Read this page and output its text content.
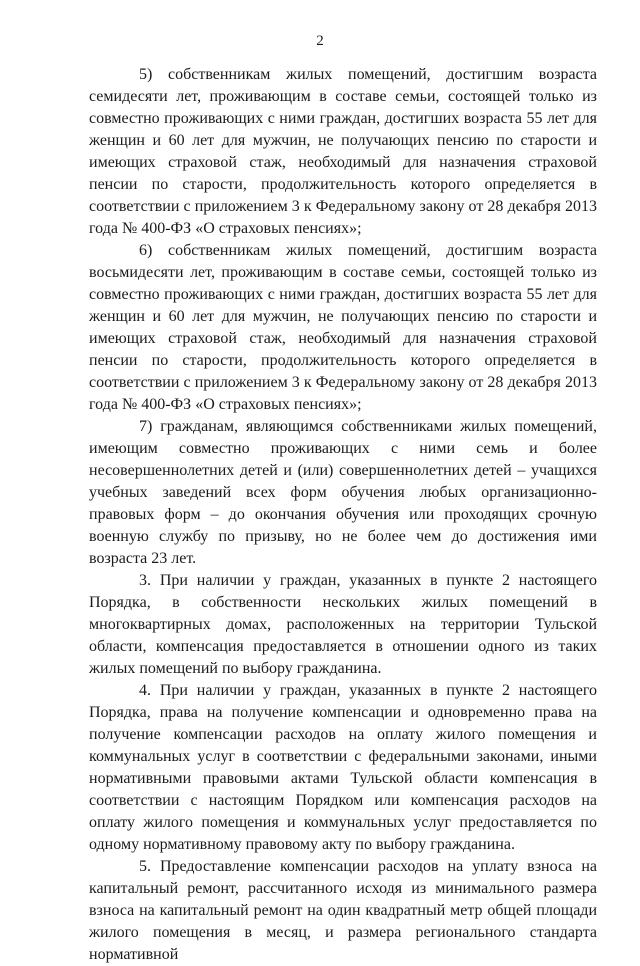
2

5) собственникам жилых помещений, достигшим возраста семидесяти лет, проживающим в составе семьи, состоящей только из совместно проживающих с ними граждан, достигших возраста 55 лет для женщин и 60 лет для мужчин, не получающих пенсию по старости и имеющих страховой стаж, необходимый для назначения страховой пенсии по старости, продолжительность которого определяется в соответствии с приложением 3 к Федеральному закону от 28 декабря 2013 года № 400-ФЗ «О страховых пенсиях»;

6) собственникам жилых помещений, достигшим возраста восьмидесяти лет, проживающим в составе семьи, состоящей только из совместно проживающих с ними граждан, достигших возраста 55 лет для женщин и 60 лет для мужчин, не получающих пенсию по старости и имеющих страховой стаж, необходимый для назначения страховой пенсии по старости, продолжительность которого определяется в соответствии с приложением 3 к Федеральному закону от 28 декабря 2013 года № 400-ФЗ «О страховых пенсиях»;

7) гражданам, являющимся собственниками жилых помещений, имеющим совместно проживающих с ними семь и более несовершеннолетних детей и (или) совершеннолетних детей – учащихся учебных заведений всех форм обучения любых организационно-правовых форм – до окончания обучения или проходящих срочную военную службу по призыву, но не более чем до достижения ими возраста 23 лет.

3. При наличии у граждан, указанных в пункте 2 настоящего Порядка, в собственности нескольких жилых помещений в многоквартирных домах, расположенных на территории Тульской области, компенсация предоставляется в отношении одного из таких жилых помещений по выбору гражданина.

4. При наличии у граждан, указанных в пункте 2 настоящего Порядка, права на получение компенсации и одновременно права на получение компенсации расходов на оплату жилого помещения и коммунальных услуг в соответствии с федеральными законами, иными нормативными правовыми актами Тульской области компенсация в соответствии с настоящим Порядком или компенсация расходов на оплату жилого помещения и коммунальных услуг предоставляется по одному нормативному правовому акту по выбору гражданина.

5. Предоставление компенсации расходов на уплату взноса на капитальный ремонт, рассчитанного исходя из минимального размера взноса на капитальный ремонт на один квадратный метр общей площади жилого помещения в месяц, и размера регионального стандарта нормативной
